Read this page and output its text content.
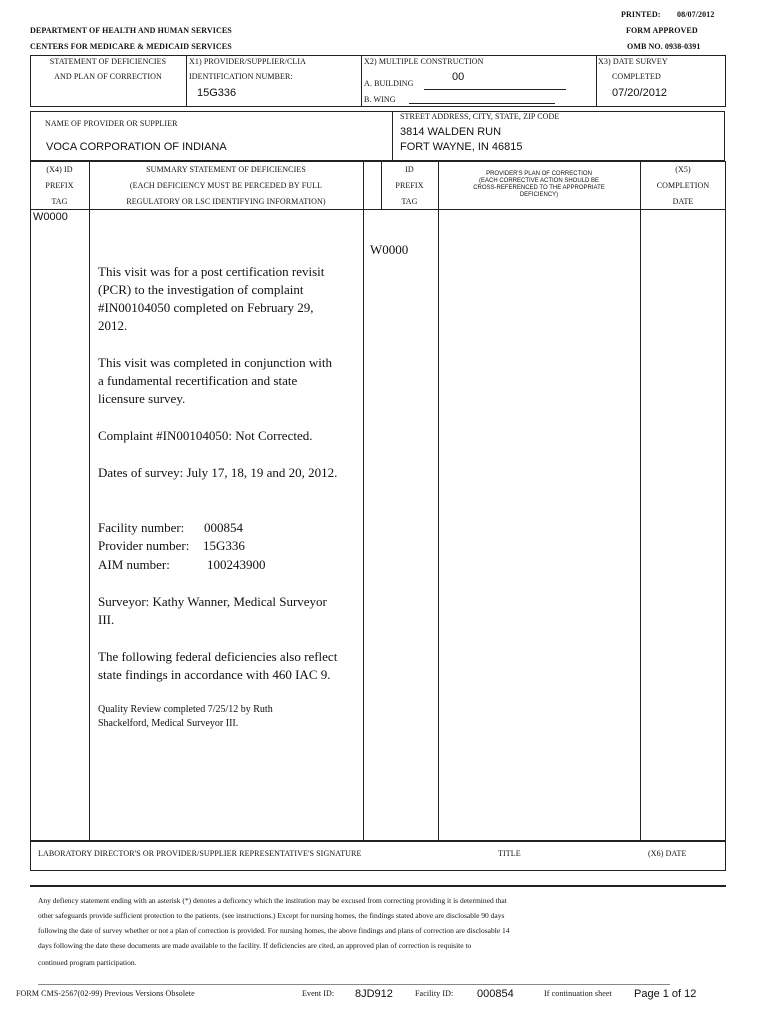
PRINTED: 08/07/2012
DEPARTMENT OF HEALTH AND HUMAN SERVICES	FORM APPROVED
CENTERS FOR MEDICARE & MEDICAID SERVICES	OMB NO. 0938-0391
STATEMENT OF DEFICIENCIES
AND PLAN OF CORRECTION
X1) PROVIDER/SUPPLIER/CLIA
IDENTIFICATION NUMBER:
15G336
X2) MULTIPLE CONSTRUCTION
A. BUILDING
00
B. WING
X3) DATE SURVEY
COMPLETED
07/20/2012
NAME OF PROVIDER OR SUPPLIER
VOCA CORPORATION OF INDIANA
STREET ADDRESS, CITY, STATE, ZIP CODE
3814 WALDEN RUN
FORT WAYNE, IN 46815
(X4) ID
PREFIX
TAG
SUMMARY STATEMENT OF DEFICIENCIES
(EACH DEFICIENCY MUST BE PERCEDED BY FULL
REGULATORY OR LSC IDENTIFYING INFORMATION)
ID
PREFIX
TAG
PROVIDER'S PLAN OF CORRECTION
(EACH CORRECTIVE ACTION SHOULD BE
CROSS-REFERENCED TO THE APPROPRIATE
DEFICIENCY)
(X5)
COMPLETION
DATE
W0000
W0000
This visit was for a post certification revisit (PCR) to the investigation of complaint #IN00104050 completed on February 29, 2012.
This visit was completed in conjunction with a fundamental recertification and state licensure survey.
Complaint #IN00104050: Not Corrected.
Dates of survey: July 17, 18, 19 and 20, 2012.
Facility number: 000854
Provider number: 15G336
AIM number:	100243900
Surveyor: Kathy Wanner, Medical Surveyor III.
The following federal deficiencies also reflect state findings in accordance with 460 IAC 9.
Quality Review completed 7/25/12 by Ruth Shackelford, Medical Surveyor III.
LABORATORY DIRECTOR'S OR PROVIDER/SUPPLIER REPRESENTATIVE'S SIGNATURE	TITLE	(X6) DATE
Any defiency statement ending with an asterisk (*) denotes a deficency which the institution may be excused from correcting providing it is determined that
other safeguards provide sufficient protection to the patients. (see instructions.) Except for nursing homes, the findings stated above are disclosable 90 days
following the date of survey whether or not a plan of correction is provided. For nursing homes, the above findings and plans of correction are disclosable 14
days following the date these documents are made available to the facility. If deficiencies are cited, an approved plan of correction is requisite to
continued program participation.
FORM CMS-2567(02-99) Previous Versions Obsolete	Event ID: 8JD912	Facility ID: 000854	If continuation sheet Page 1 of 12
